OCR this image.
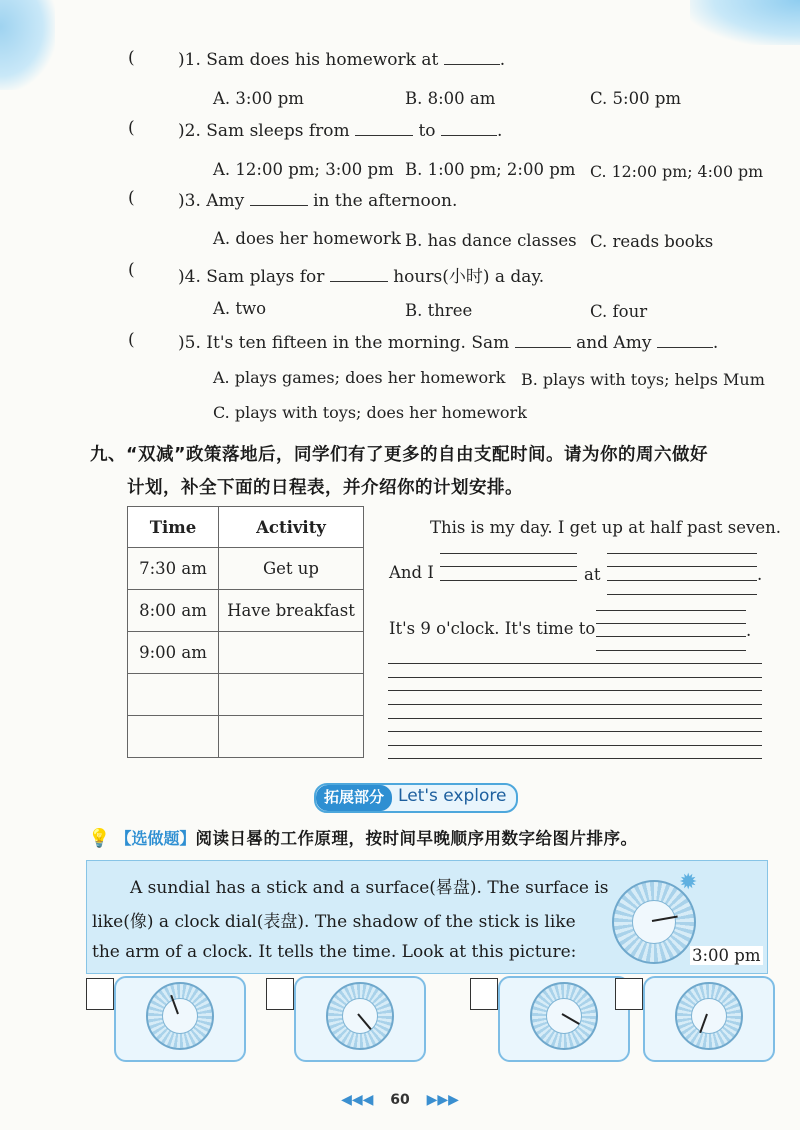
(	)1. Sam does his homework at	.
A. 3:00 pm	B. 8:00 am	C. 5:00 pm
(	)2. Sam sleeps from	to	.
A. 12:00 pm; 3:00 pm B. 1:00 pm; 2:00 pm C. 12:00 pm; 4:00 pm
(	)3. Amy	in the afternoon.
A. does her homework B. has dance classes C. reads books
(	)4. Sam plays for	hours(小时) a day.
A. two	B. three	C. four
(	)5. It's ten fifteen in the morning. Sam	and Amy	.
A. plays games; does her homework B. plays with toys; helps Mum
C. plays with toys; does her homework
九、“双减”政策落地后，同学们有了更多的自由支配时间。请为你的周六做好
计划，补全下面的日程表，并介绍你的计划安排。
Time	Activity
7:30 am	Get up
8:00 am	Have breakfast
9:00 am	

This is my day. I get up at half past seven.
And I	at	.
It's 9 o'clock. It's time to	.
拓展部分 Let's explore
💡 【选做题】阅读日晷的工作原理，按时间早晚顺序用数字给图片排序。
A sundial has a stick and a surface(晷盘). The surface is
like(像) a clock dial(表盘). The shadow of the stick is like
the arm of a clock. It tells the time. Look at this picture:
✹
3:00 pm
◀◀◀ 60 ▶▶▶
